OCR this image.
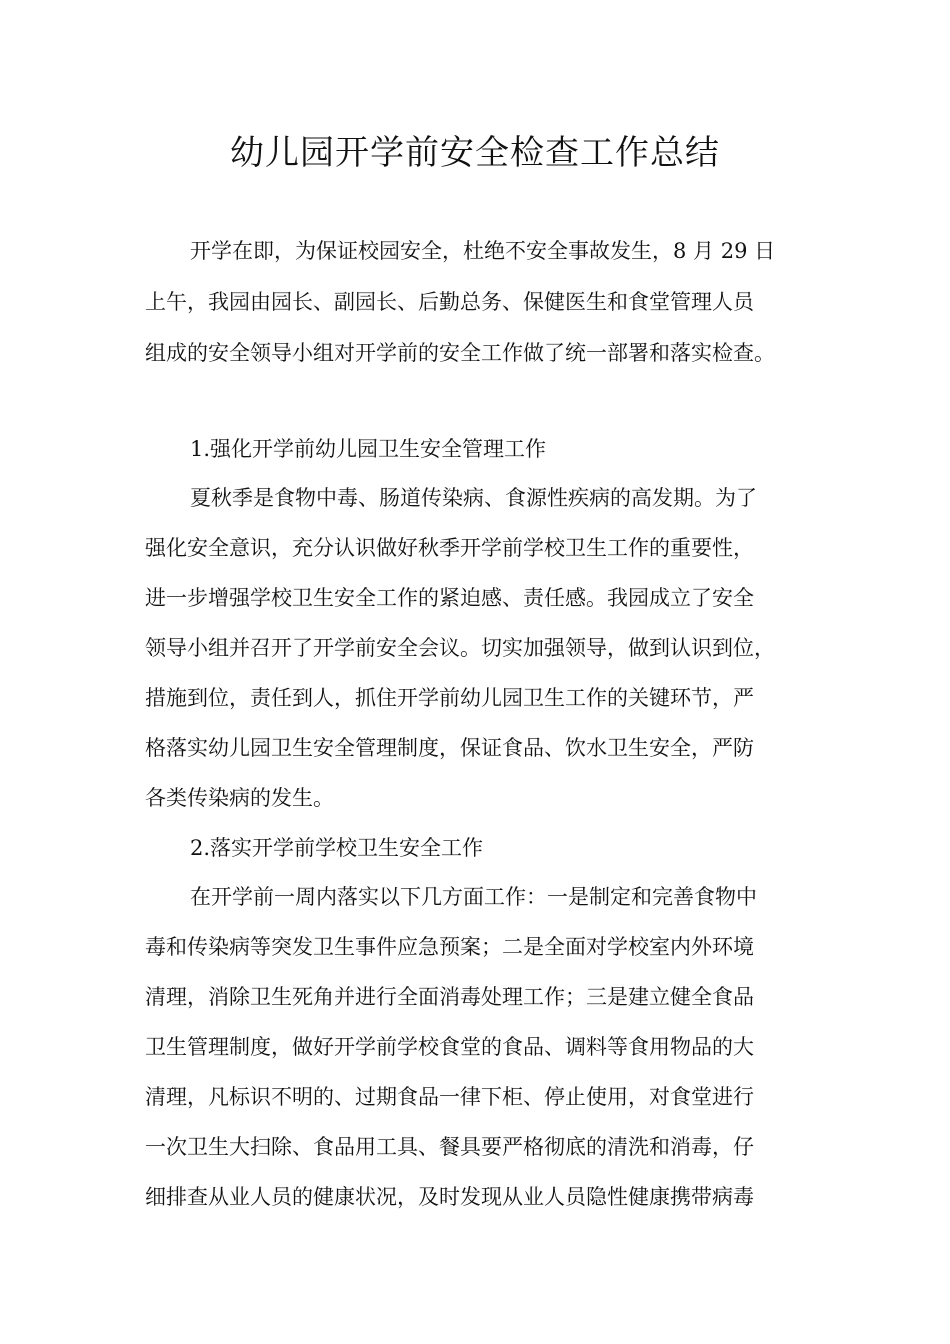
幼儿园开学前安全检查工作总结
开学在即，为保证校园安全，杜绝不安全事故发生，8 月 29 日
上午，我园由园长、副园长、后勤总务、保健医生和食堂管理人员
组成的安全领导小组对开学前的安全工作做了统一部署和落实检查。
1.强化开学前幼儿园卫生安全管理工作
夏秋季是食物中毒、肠道传染病、食源性疾病的高发期。为了
强化安全意识，充分认识做好秋季开学前学校卫生工作的重要性，
进一步增强学校卫生安全工作的紧迫感、责任感。我园成立了安全
领导小组并召开了开学前安全会议。切实加强领导，做到认识到位，
措施到位，责任到人，抓住开学前幼儿园卫生工作的关键环节，严
格落实幼儿园卫生安全管理制度，保证食品、饮水卫生安全，严防
各类传染病的发生。
2.落实开学前学校卫生安全工作
在开学前一周内落实以下几方面工作：一是制定和完善食物中
毒和传染病等突发卫生事件应急预案；二是全面对学校室内外环境
清理，消除卫生死角并进行全面消毒处理工作；三是建立健全食品
卫生管理制度，做好开学前学校食堂的食品、调料等食用物品的大
清理，凡标识不明的、过期食品一律下柜、停止使用，对食堂进行
一次卫生大扫除、食品用工具、餐具要严格彻底的清洗和消毒，仔
细排查从业人员的健康状况，及时发现从业人员隐性健康携带病毒
